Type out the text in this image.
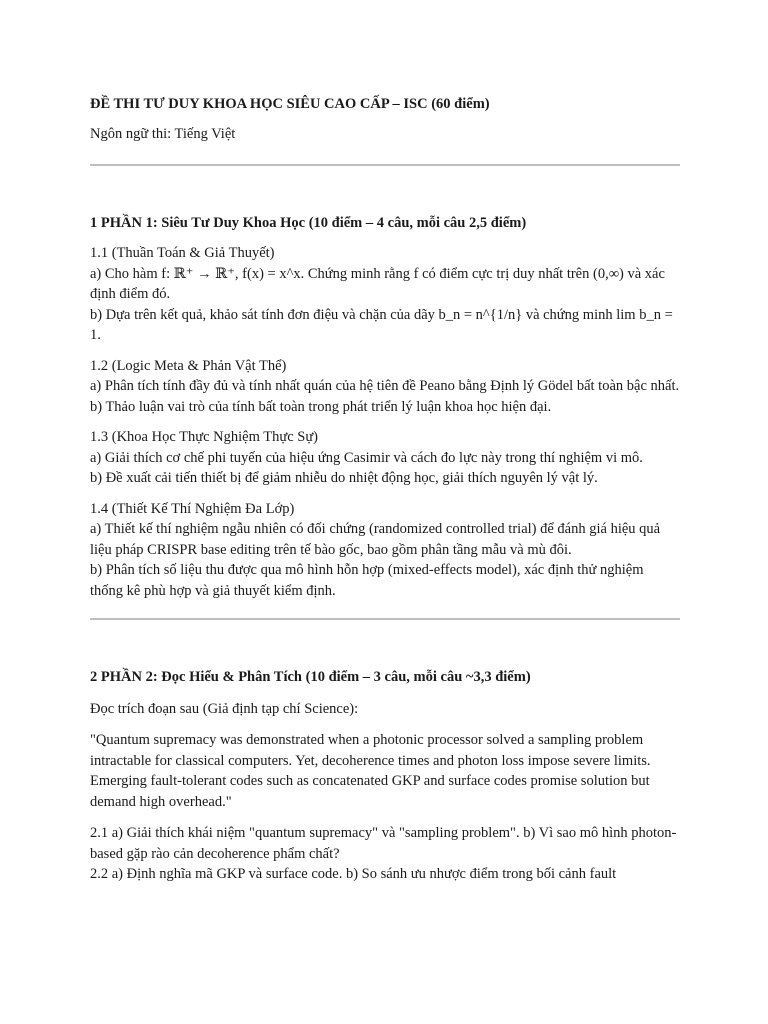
ĐỀ THI TƯ DUY KHOA HỌC SIÊU CAO CẤP – ISC (60 điểm)

Ngôn ngữ thi: Tiếng Việt

1 PHẦN 1: Siêu Tư Duy Khoa Học (10 điểm – 4 câu, mỗi câu 2,5 điểm)

1.1 (Thuần Toán & Giả Thuyết)
a) Cho hàm f: ℝ⁺ → ℝ⁺, f(x) = x^x. Chứng minh rằng f có điểm cực trị duy nhất trên (0,∞) và xác định điểm đó.
b) Dựa trên kết quả, khảo sát tính đơn điệu và chặn của dãy b_n = n^{1/n} và chứng minh lim b_n = 1.
1.2 (Logic Meta & Phản Vật Thể)
a) Phân tích tính đầy đủ và tính nhất quán của hệ tiên đề Peano bằng Định lý Gödel bất toàn bậc nhất.
b) Thảo luận vai trò của tính bất toàn trong phát triển lý luận khoa học hiện đại.
1.3 (Khoa Học Thực Nghiệm Thực Sự)
a) Giải thích cơ chế phi tuyến của hiệu ứng Casimir và cách đo lực này trong thí nghiệm vi mô.
b) Đề xuất cải tiến thiết bị để giảm nhiễu do nhiệt động học, giải thích nguyên lý vật lý.
1.4 (Thiết Kế Thí Nghiệm Đa Lớp)
a) Thiết kế thí nghiệm ngẫu nhiên có đối chứng (randomized controlled trial) để đánh giá hiệu quả liệu pháp CRISPR base editing trên tế bào gốc, bao gồm phân tầng mẫu và mù đôi.
b) Phân tích số liệu thu được qua mô hình hỗn hợp (mixed-effects model), xác định thử nghiệm thống kê phù hợp và giả thuyết kiểm định.

2 PHẦN 2: Đọc Hiểu & Phân Tích (10 điểm – 3 câu, mỗi câu ~3,3 điểm)

Đọc trích đoạn sau (Giả định tạp chí Science):

"Quantum supremacy was demonstrated when a photonic processor solved a sampling problem intractable for classical computers. Yet, decoherence times and photon loss impose severe limits. Emerging fault-tolerant codes such as concatenated GKP and surface codes promise solution but demand high overhead."

2.1 a) Giải thích khái niệm "quantum supremacy" và "sampling problem". b) Vì sao mô hình photon-based gặp rào cản decoherence phẩm chất?
2.2 a) Định nghĩa mã GKP và surface code. b) So sánh ưu nhược điểm trong bối cảnh fault
